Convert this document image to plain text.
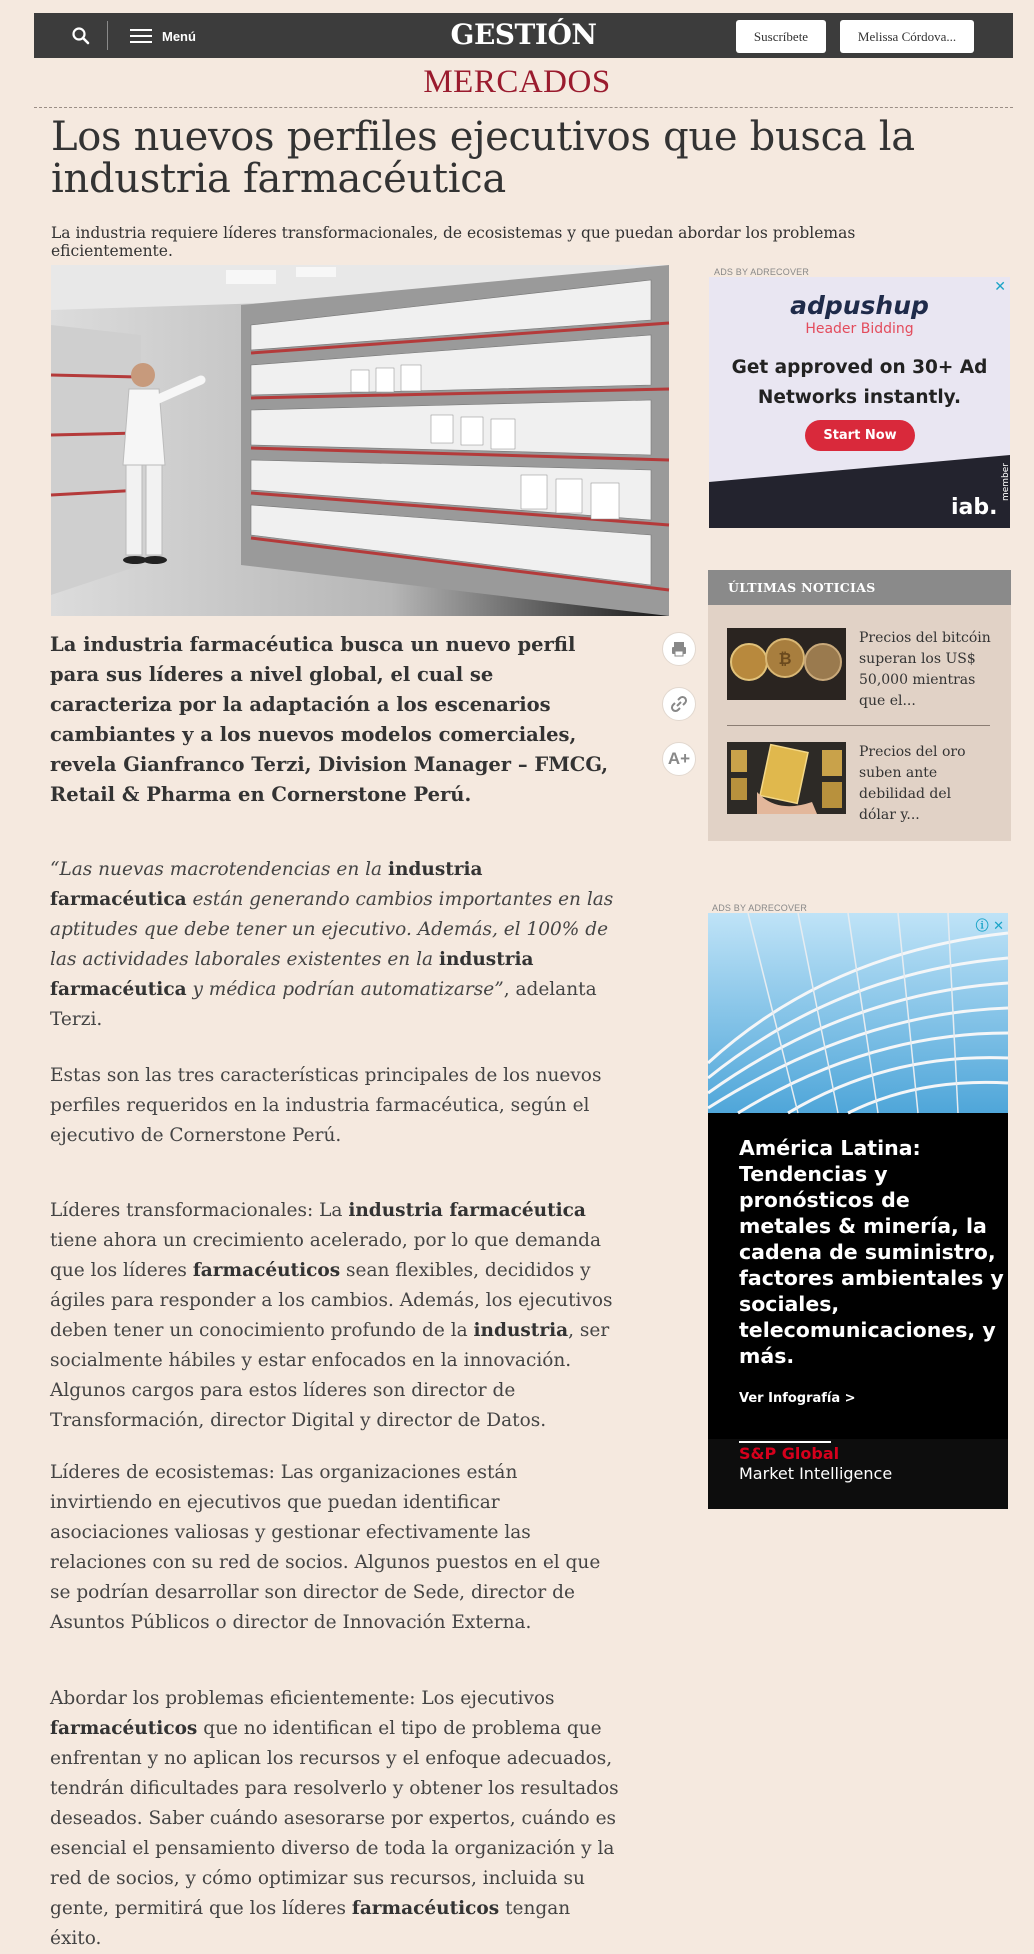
Menú	GESTIÓN	Suscríbete	Melissa Córdova...
MERCADOS
Los nuevos perfiles ejecutivos que busca la industria farmacéutica

La industria requiere líderes transformacionales, de ecosistemas y que puedan abordar los problemas eficientemente.

A+

La industria farmacéutica busca un nuevo perfil para sus líderes a nivel global, el cual se caracteriza por la adaptación a los escenarios cambiantes y a los nuevos modelos comerciales, revela Gianfranco Terzi, Division Manager – FMCG, Retail & Pharma en Cornerstone Perú.

“Las nuevas macrotendencias en la industria farmacéutica están generando cambios importantes en las aptitudes que debe tener un ejecutivo. Además, el 100% de las actividades laborales existentes en la industria farmacéutica y médica podrían automatizarse”, adelanta Terzi.

Estas son las tres características principales de los nuevos perfiles requeridos en la industria farmacéutica, según el ejecutivo de Cornerstone Perú.

Líderes transformacionales: La industria farmacéutica tiene ahora un crecimiento acelerado, por lo que demanda que los líderes farmacéuticos sean flexibles, decididos y ágiles para responder a los cambios. Además, los ejecutivos deben tener un conocimiento profundo de la industria, ser socialmente hábiles y estar enfocados en la innovación. Algunos cargos para estos líderes son director de Transformación, director Digital y director de Datos.

Líderes de ecosistemas: Las organizaciones están invirtiendo en ejecutivos que puedan identificar asociaciones valiosas y gestionar efectivamente las relaciones con su red de socios. Algunos puestos en el que se podrían desarrollar son director de Sede, director de Asuntos Públicos o director de Innovación Externa.

Abordar los problemas eficientemente: Los ejecutivos farmacéuticos que no identifican el tipo de problema que enfrentan y no aplican los recursos y el enfoque adecuados, tendrán dificultades para resolverlo y obtener los resultados deseados. Saber cuándo asesorarse por expertos, cuándo es esencial el pensamiento diverso de toda la organización y la red de socios, y cómo optimizar sus recursos, incluida su gente, permitirá que los líderes farmacéuticos tengan éxito.

ADS BY ADRECOVER
adpushup
Header Bidding
Get approved on 30+ Ad Networks instantly.
Start Now
✕
iab.
member
ÚLTIMAS NOTICIAS
₿
Precios del bitcóin superan los US$ 50,000 mientras que el...
Precios del oro suben ante debilidad del dólar y...
ADS BY ADRECOVER
ⓘ ✕
América Latina: Tendencias y pronósticos de metales & minería, la cadena de suministro, factores ambientales y sociales, telecomunicaciones, y más.
Ver Infografía >
S&P Global
Market Intelligence
